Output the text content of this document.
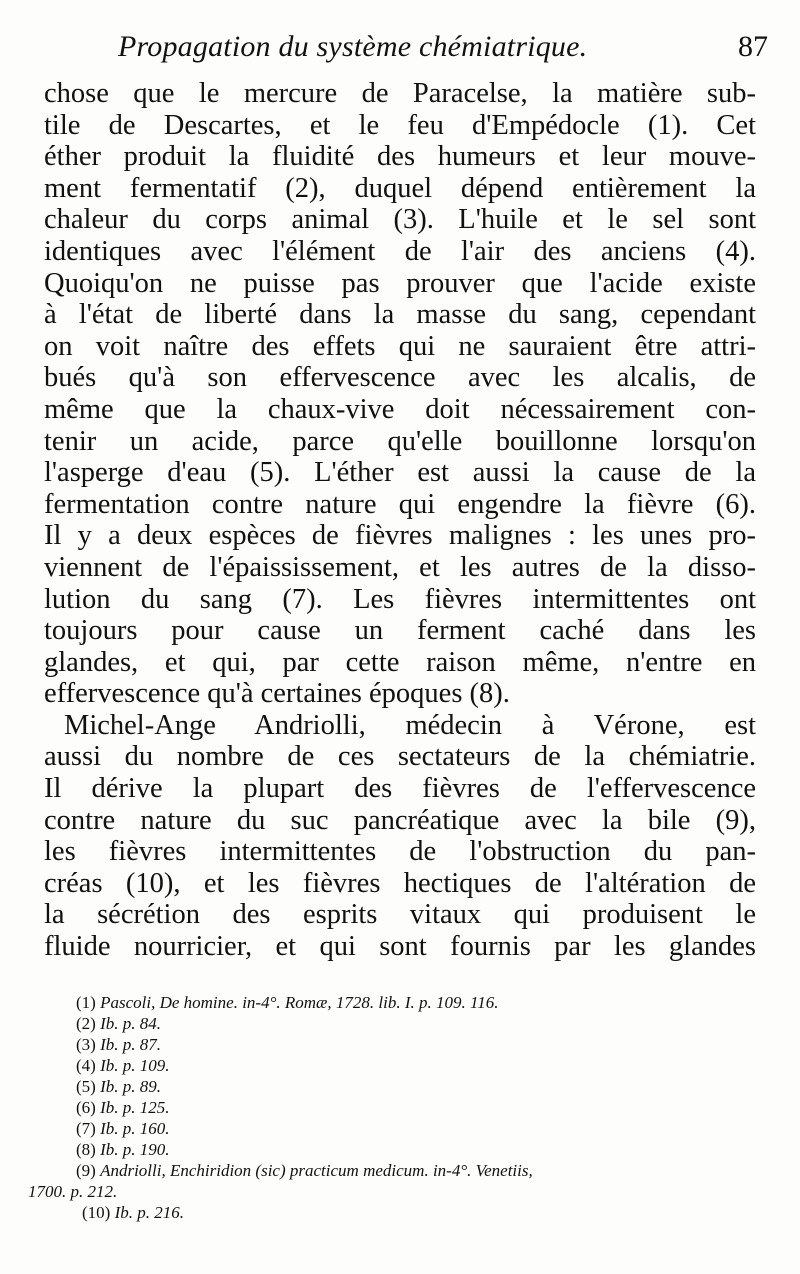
Propagation du système chémiatrique.	87
chose que le mercure de Paracelse, la matière sub-
tile de Descartes, et le feu d'Empédocle (1). Cet
éther produit la fluidité des humeurs et leur mouve-
ment fermentatif (2), duquel dépend entièrement la
chaleur du corps animal (3). L'huile et le sel sont
identiques avec l'élément de l'air des anciens (4).
Quoiqu'on ne puisse pas prouver que l'acide existe
à l'état de liberté dans la masse du sang, cependant
on voit naître des effets qui ne sauraient être attri-
bués qu'à son effervescence avec les alcalis, de
même que la chaux-vive doit nécessairement con-
tenir un acide, parce qu'elle bouillonne lorsqu'on
l'asperge d'eau (5). L'éther est aussi la cause de la
fermentation contre nature qui engendre la fièvre (6).
Il y a deux espèces de fièvres malignes : les unes pro-
viennent de l'épaississement, et les autres de la disso-
lution du sang (7). Les fièvres intermittentes ont
toujours pour cause un ferment caché dans les
glandes, et qui, par cette raison même, n'entre en
effervescence qu'à certaines époques (8).
Michel-Ange Andriolli, médecin à Vérone, est
aussi du nombre de ces sectateurs de la chémiatrie.
Il dérive la plupart des fièvres de l'effervescence
contre nature du suc pancréatique avec la bile (9),
les fièvres intermittentes de l'obstruction du pan-
créas (10), et les fièvres hectiques de l'altération de
la sécrétion des esprits vitaux qui produisent le
fluide nourricier, et qui sont fournis par les glandes
(1) Pascoli, De homine. in-4°. Romæ, 1728. lib. I. p. 109. 116.
(2) Ib. p. 84.
(3) Ib. p. 87.
(4) Ib. p. 109.
(5) Ib. p. 89.
(6) Ib. p. 125.
(7) Ib. p. 160.
(8) Ib. p. 190.
(9) Andriolli, Enchiridion (sic) practicum medicum. in-4°. Venetiis,
1700. p. 212.
(10) Ib. p. 216.
